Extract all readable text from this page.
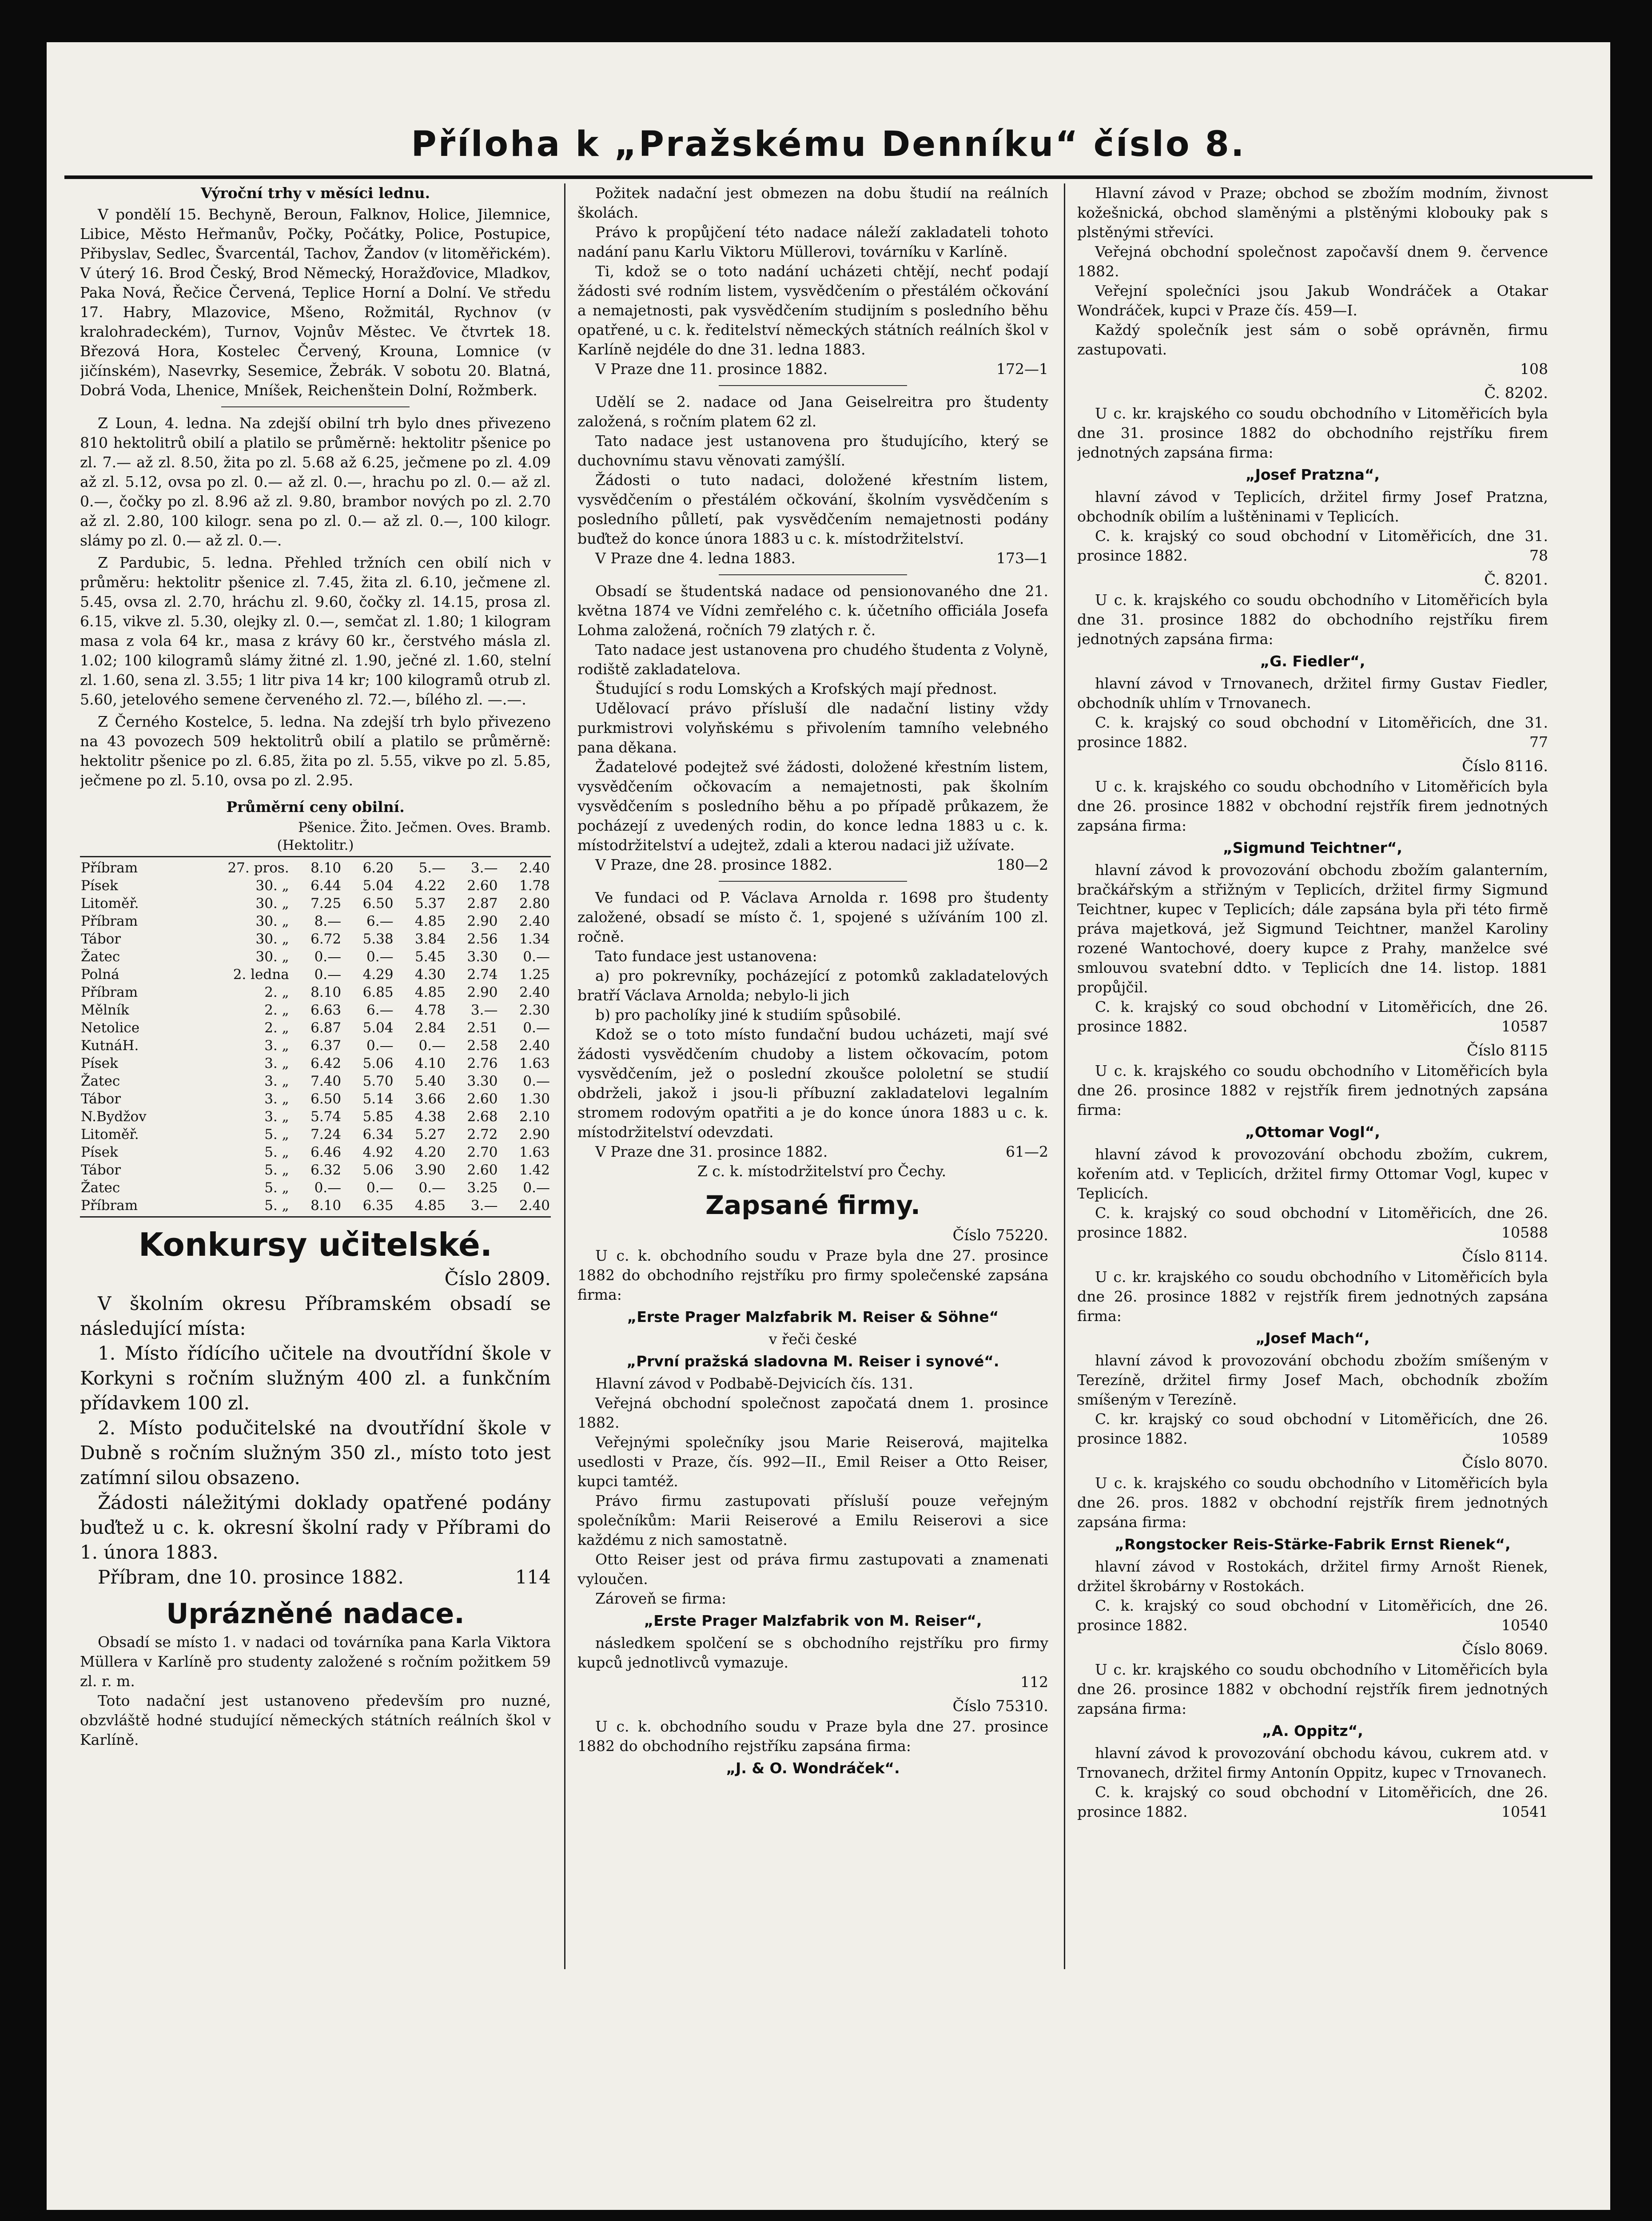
Příloha k „Pražskému Denníku“ číslo 8.
Výroční trhy v měsíci lednu.

V pondělí 15. Bechyně, Beroun, Falknov, Holice, Jilemnice, Libice, Město Heřmanův, Počky, Počátky, Police, Postupice, Přibyslav, Sedlec, Švarcentál, Tachov, Žandov (v litoměřickém). V úterý 16. Brod Český, Brod Německý, Horažďovice, Mladkov, Paka Nová, Řečice Červená, Teplice Horní a Dolní. Ve středu 17. Habry, Mlazovice, Mšeno, Rožmitál, Rychnov (v kralohradeckém), Turnov, Vojnův Městec. Ve čtvrtek 18. Březová Hora, Kostelec Červený, Krouna, Lomnice (v jičínském), Nasevrky, Sesemice, Žebrák. V sobotu 20. Blatná, Dobrá Voda, Lhenice, Mníšek, Reichenštein Dolní, Rožmberk.

Z Loun, 4. ledna. Na zdejší obilní trh bylo dnes přivezeno 810 hektolitrů obilí a platilo se průměrně: hektolitr pšenice po zl. 7.— až zl. 8.50, žita po zl. 5.68 až 6.25, ječmene po zl. 4.09 až zl. 5.12, ovsa po zl. 0.— až zl. 0.—, hrachu po zl. 0.— až zl. 0.—, čočky po zl. 8.96 až zl. 9.80, brambor nových po zl. 2.70 až zl. 2.80, 100 kilogr. sena po zl. 0.— až zl. 0.—, 100 kilogr. slámy po zl. 0.— až zl. 0.—.

Z Pardubic, 5. ledna. Přehled tržních cen obilí nich v průměru: hektolitr pšenice zl. 7.45, žita zl. 6.10, ječmene zl. 5.45, ovsa zl. 2.70, hráchu zl. 9.60, čočky zl. 14.15, prosa zl. 6.15, vikve zl. 5.30, olejky zl. 0.—, semčat zl. 1.80; 1 kilogram masa z vola 64 kr., masa z krávy 60 kr., čerstvého másla zl. 1.02; 100 kilogramů slámy žitné zl. 1.90, ječné zl. 1.60, stelní zl. 1.60, sena zl. 3.55; 1 litr piva 14 kr; 100 kilogramů otrub zl. 5.60, jetelového semene červeného zl. 72.—, bílého zl. —.—.

Z Černého Kostelce, 5. ledna. Na zdejší trh bylo přivezeno na 43 povozech 509 hektolitrů obilí a platilo se průměrně: hektolitr pšenice po zl. 6.85, žita po zl. 5.55, vikve po zl. 5.85, ječmene po zl. 5.10, ovsa po zl. 2.95.

Průměrní ceny obilní.
Pšenice. Žito. Ječmen. Oves. Bramb.
(Hektolitr.)
Příbram	27. pros.	8.10	6.20	5.—	3.—	2.40
Písek	30. „	6.44	5.04	4.22	2.60	1.78
Litoměř.	30. „	7.25	6.50	5.37	2.87	2.80
Příbram	30. „	8.—	6.—	4.85	2.90	2.40
Tábor	30. „	6.72	5.38	3.84	2.56	1.34
Žatec	30. „	0.—	0.—	5.45	3.30	0.—
Polná	2. ledna	0.—	4.29	4.30	2.74	1.25
Příbram	2. „	8.10	6.85	4.85	2.90	2.40
Mělník	2. „	6.63	6.—	4.78	3.—	2.30
Netolice	2. „	6.87	5.04	2.84	2.51	0.—
KutnáH.	3. „	6.37	0.—	0.—	2.58	2.40
Písek	3. „	6.42	5.06	4.10	2.76	1.63
Žatec	3. „	7.40	5.70	5.40	3.30	0.—
Tábor	3. „	6.50	5.14	3.66	2.60	1.30
N.Bydžov	3. „	5.74	5.85	4.38	2.68	2.10
Litoměř.	5. „	7.24	6.34	5.27	2.72	2.90
Písek	5. „	6.46	4.92	4.20	2.70	1.63
Tábor	5. „	6.32	5.06	3.90	2.60	1.42
Žatec	5. „	0.—	0.—	0.—	3.25	0.—
Příbram	5. „	8.10	6.35	4.85	3.—	2.40
Konkursy učitelské.
Číslo 2809.

V školním okresu Příbramském obsadí se následující místa:

1. Místo řídícího učitele na dvoutřídní škole v Korkyni s ročním služným 400 zl. a funkčním přídavkem 100 zl.

2. Místo podučitelské na dvoutřídní škole v Dubně s ročním služným 350 zl., místo toto jest zatímní silou obsazeno.

Žádosti náležitými doklady opatřené podány buďtež u c. k. okresní školní rady v Příbrami do 1. února 1883.

Příbram, dne 10. prosince 1882.	114

Uprázněné nadace.

Obsadí se místo 1. v nadaci od továrníka pana Karla Viktora Müllera v Karlíně pro studenty založené s ročním požitkem 59 zl. r. m.

Toto nadační jest ustanoveno především pro nuzné, obzvláště hodné studující německých státních reálních škol v Karlíně.

Požitek nadační jest obmezen na dobu študií na reálních školách.

Právo k propůjčení této nadace náleží zakladateli tohoto nadání panu Karlu Viktoru Müllerovi, továrníku v Karlíně.

Ti, kdož se o toto nadání ucházeti chtějí, nechť podají žádosti své rodním listem, vysvědčením o přestálém očkování a nemajetnosti, pak vysvědčením studijním s posledního běhu opatřené, u c. k. ředitelství německých státních reálních škol v Karlíně nejdéle do dne 31. ledna 1883.

V Praze dne 11. prosince 1882.	172—1

Udělí se 2. nadace od Jana Geiselreitra pro študenty založená, s ročním platem 62 zl.

Tato nadace jest ustanovena pro študujícího, který se duchovnímu stavu věnovati zamýšlí.

Žádosti o tuto nadaci, doložené křestním listem, vysvědčením o přestálém očkování, školním vysvědčením s posledního půlletí, pak vysvědčením nemajetnosti podány buďtež do konce února 1883 u c. k. místodržitelství.

V Praze dne 4. ledna 1883.	173—1

Obsadí se študentská nadace od pensionovaného dne 21. května 1874 ve Vídni zemřelého c. k. účetního officiála Josefa Lohma založená, ročních 79 zlatých r. č.

Tato nadace jest ustanovena pro chudého študenta z Volyně, rodiště zakladatelova.

Študující s rodu Lomských a Krofských mají přednost.

Udělovací právo přísluší dle nadační listiny vždy purkmistrovi volyňskému s přivolením tamního velebného pana děkana.

Žadatelové podejtež své žádosti, doložené křestním listem, vysvědčením očkovacím a nemajetnosti, pak školním vysvědčením s posledního běhu a po případě průkazem, že pocházejí z uvedených rodin, do konce ledna 1883 u c. k. místodržitelství a udejtež, zdali a kterou nadaci již užívate.

V Praze, dne 28. prosince 1882.	180—2

Ve fundaci od P. Václava Arnolda r. 1698 pro študenty založené, obsadí se místo č. 1, spojené s užíváním 100 zl. ročně.

Tato fundace jest ustanovena:

a) pro pokrevníky, pocházející z potomků zakladatelových bratří Václava Arnolda; nebylo-li jich

b) pro pacholíky jiné k studiím spůsobilé.

Kdož se o toto místo fundační budou ucházeti, mají své žádosti vysvědčením chudoby a listem očkovacím, potom vysvědčením, jež o poslední zkoušce pololetní se studií obdrželi, jakož i jsou-li příbuzní zakladatelovi legalním stromem rodovým opatřiti a je do konce února 1883 u c. k. místodržitelství odevzdati.

V Praze dne 31. prosince 1882.	61—2

Z c. k. místodržitelství pro Čechy.

Zapsané firmy.
Číslo 75220.

U c. k. obchodního soudu v Praze byla dne 27. prosince 1882 do obchodního rejstříku pro firmy společenské zapsána firma:

„Erste Prager Malzfabrik M. Reiser & Söhne“
v řeči české
„První pražská sladovna M. Reiser i synové“.

Hlavní závod v Podbabě-Dejvicích čís. 131.

Veřejná obchodní společnost započatá dnem 1. prosince 1882.

Veřejnými společníky jsou Marie Reiserová, majitelka usedlosti v Praze, čís. 992—II., Emil Reiser a Otto Reiser, kupci tamtéž.

Právo firmu zastupovati přísluší pouze veřejným společníkům: Marii Reiserové a Emilu Reiserovi a sice každému z nich samostatně.

Otto Reiser jest od práva firmu zastupovati a znamenati vyloučen.

Zároveň se firma:

„Erste Prager Malzfabrik von M. Reiser“,

následkem spolčení se s obchodního rejstříku pro firmy kupců jednotlivců vymazuje.

112
Číslo 75310.

U c. k. obchodního soudu v Praze byla dne 27. prosince 1882 do obchodního rejstříku zapsána firma:

„J. & O. Wondráček“.

Hlavní závod v Praze; obchod se zbožím modním, živnost kožešnická, obchod slaměnými a plstěnými klobouky pak s plstěnými střevíci.

Veřejná obchodní společnost započavší dnem 9. července 1882.

Veřejní společníci jsou Jakub Wondráček a Otakar Wondráček, kupci v Praze čís. 459—I.

Každý společník jest sám o sobě oprávněn, firmu zastupovati.

108
Č. 8202.

U c. kr. krajského co soudu obchodního v Litoměřicích byla dne 31. prosince 1882 do obchodního rejstříku firem jednotných zapsána firma:

„Josef Pratzna“,

hlavní závod v Teplicích, držitel firmy Josef Pratzna, obchodník obilím a luštěninami v Teplicích.

C. k. krajský co soud obchodní v Litoměřicích, dne 31. prosince 1882.	78

Č. 8201.

U c. k. krajského co soudu obchodního v Litoměřicích byla dne 31. prosince 1882 do obchodního rejstříku firem jednotných zapsána firma:

„G. Fiedler“,

hlavní závod v Trnovanech, držitel firmy Gustav Fiedler, obchodník uhlím v Trnovanech.

C. k. krajský co soud obchodní v Litoměřicích, dne 31. prosince 1882.	77

Číslo 8116.

U c. k. krajského co soudu obchodního v Litoměřicích byla dne 26. prosince 1882 v obchodní rejstřík firem jednotných zapsána firma:

„Sigmund Teichtner“,

hlavní závod k provozování obchodu zbožím galanterním, bračkářským a střižným v Teplicích, držitel firmy Sigmund Teichtner, kupec v Teplicích; dále zapsána byla při této firmě práva majetková, jež Sigmund Teichtner, manžel Karoliny rozené Wantochové, doery kupce z Prahy, manželce své smlouvou svatební ddto. v Teplicích dne 14. listop. 1881 propůjčil.

C. k. krajský co soud obchodní v Litoměřicích, dne 26. prosince 1882.	10587

Číslo 8115

U c. k. krajského co soudu obchodního v Litoměřicích byla dne 26. prosince 1882 v rejstřík firem jednotných zapsána firma:

„Ottomar Vogl“,

hlavní závod k provozování obchodu zbožím, cukrem, kořením atd. v Teplicích, držitel firmy Ottomar Vogl, kupec v Teplicích.

C. k. krajský co soud obchodní v Litoměřicích, dne 26. prosince 1882.	10588

Číslo 8114.

U c. kr. krajského co soudu obchodního v Litoměřicích byla dne 26. prosince 1882 v rejstřík firem jednotných zapsána firma:

„Josef Mach“,

hlavní závod k provozování obchodu zbožím smíšeným v Terezíně, držitel firmy Josef Mach, obchodník zbožím smíšeným v Terezíně.

C. kr. krajský co soud obchodní v Litoměřicích, dne 26. prosince 1882.	10589

Číslo 8070.

U c. k. krajského co soudu obchodního v Litoměřicích byla dne 26. pros. 1882 v obchodní rejstřík firem jednotných zapsána firma:

„Rongstocker Reis-Stärke-Fabrik Ernst Rienek“,

hlavní závod v Rostokách, držitel firmy Arnošt Rienek, držitel škrobárny v Rostokách.

C. k. krajský co soud obchodní v Litoměřicích, dne 26. prosince 1882.	10540

Číslo 8069.

U c. kr. krajského co soudu obchodního v Litoměřicích byla dne 26. prosince 1882 v obchodní rejstřík firem jednotných zapsána firma:

„A. Oppitz“,

hlavní závod k provozování obchodu kávou, cukrem atd. v Trnovanech, držitel firmy Antonín Oppitz, kupec v Trnovanech.

C. k. krajský co soud obchodní v Litoměřicích, dne 26. prosince 1882.	10541
